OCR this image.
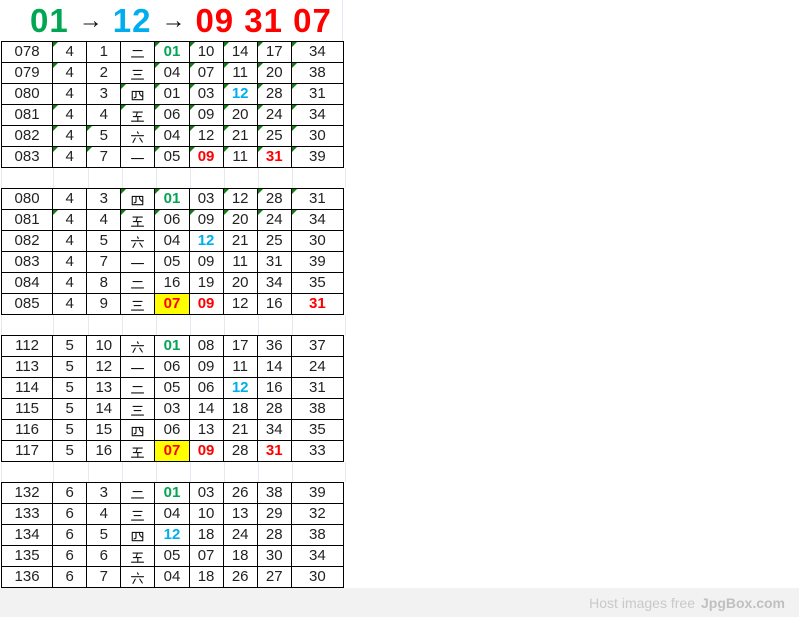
01 → 12 → 09 31 07
078	4	1		01	10	14	17	34
079	4	2		04	07	11	20	38
080	4	3		01	03	12	28	31
081	4	4		06	09	20	24	34
082	4	5		04	12	21	25	30
083	4	7		05	09	11	31	39
080	4	3		01	03	12	28	31
081	4	4		06	09	20	24	34
082	4	5		04	12	21	25	30
083	4	7		05	09	11	31	39
084	4	8		16	19	20	34	35
085	4	9		07	09	12	16	31
112	5	10		01	08	17	36	37
113	5	12		06	09	11	14	24
114	5	13		05	06	12	16	31
115	5	14		03	14	18	28	38
116	5	15		06	13	21	34	35
117	5	16		07	09	28	31	33
132	6	3		01	03	26	38	39
133	6	4		04	10	13	29	32
134	6	5		12	18	24	28	38
135	6	6		05	07	18	30	34
136	6	7		04	18	26	27	30

Host images free JpgBox.com
